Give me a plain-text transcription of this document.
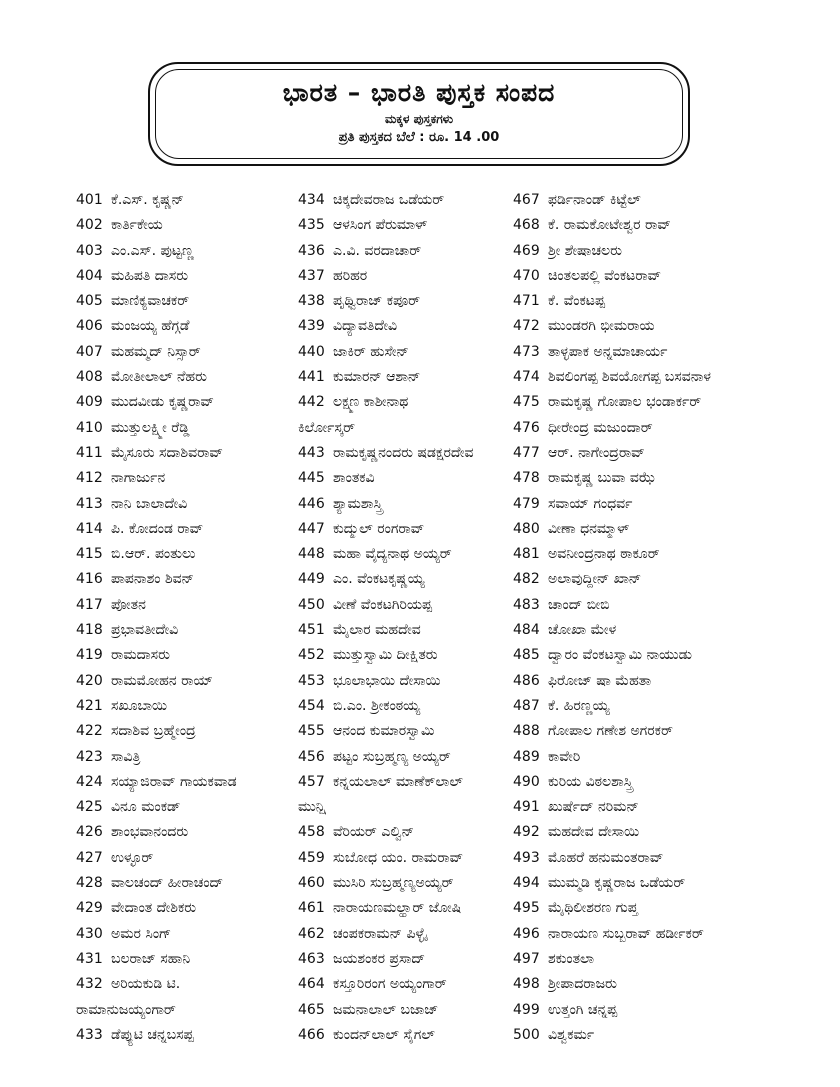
ಭಾರತ – ಭಾರತಿ ಪುಸ್ತಕ ಸಂಪದ
ಮಕ್ಕಳ ಪುಸ್ತಕಗಳು
ಪ್ರತಿ ಪುಸ್ತಕದ ಬೆಲೆ : ರೂ. 14 .00
401 ಕೆ.ಎಸ್. ಕೃಷ್ಣನ್
402 ಕಾರ್ತಿಕೇಯ
403 ಎಂ.ಎಸ್. ಪುಟ್ಟಣ್ಣ
404 ಮಹಿಪತಿ ದಾಸರು
405 ಮಾಣಿಕ್ಯವಾಚಕರ್
406 ಮಂಜಯ್ಯ ಹೆಗ್ಗಡೆ
407 ಮಹಮ್ಮದ್ ನಿಸ್ಸಾರ್
408 ಮೋತೀಲಾಲ್ ನೆಹರು
409 ಮುದವೀಡು ಕೃಷ್ಣರಾವ್
410 ಮುತ್ತುಲಕ್ಷ್ಮೀ ರೆಡ್ಡಿ
411 ಮೈಸೂರು ಸದಾಶಿವರಾವ್
412 ನಾಗಾರ್ಜುನ
413 ನಾನಿ ಬಾಲಾದೇವಿ
414 ಪಿ. ಕೋದಂಡ ರಾವ್
415 ಬಿ.ಆರ್. ಪಂತುಲು
416 ಪಾಪನಾಶಂ ಶಿವನ್
417 ಪೋತನ
418 ಪ್ರಭಾವತೀದೇವಿ
419 ರಾಮದಾಸರು
420 ರಾಮಮೋಹನ ರಾಯ್
421 ಸಖೂಬಾಯಿ
422 ಸದಾಶಿವ ಬ್ರಹ್ಮೇಂದ್ರ
423 ಸಾವಿತ್ರಿ
424 ಸಯ್ಯಾಜಿರಾವ್ ಗಾಯಕವಾಡ
425 ವಿನೂ ಮಂಕಡ್
426 ಶಾಂಭವಾನಂದರು
427 ಉಳ್ಳೂರ್
428 ವಾಲಚಂದ್ ಹೀರಾಚಂದ್
429 ವೇದಾಂತ ದೇಶಿಕರು
430 ಅಮರ ಸಿಂಗ್
431 ಬಲರಾಜ್ ಸಹಾನಿ
432 ಅರಿಯಕುಡಿ ಟಿ.
ರಾಮಾನುಜಯ್ಯಂಗಾರ್
433 ಡೆಪ್ಯುಟಿ ಚನ್ನಬಸಪ್ಪ
434 ಚಿಕ್ಕದೇವರಾಜ ಒಡೆಯರ್
435 ಆಳಸಿಂಗ ಪೆರುಮಾಳ್
436 ಎ.ವಿ. ವರದಾಚಾರ್
437 ಹರಿಹರ
438 ಪೃಥ್ವಿರಾಜ್ ಕಪೂರ್
439 ವಿದ್ಯಾವತಿದೇವಿ
440 ಜಾಕಿರ್ ಹುಸೇನ್
441 ಕುಮಾರನ್ ಆಶಾನ್
442 ಲಕ್ಷ್ಮಣ ಕಾಶೀನಾಥ
ಕಿರ್ಲೋಸ್ಕರ್
443 ರಾಮಕೃಷ್ಣನಂದರು ಷಡಕ್ಷರದೇವ
445 ಶಾಂತಕವಿ
446 ಶ್ಯಾಮಶಾಸ್ತ್ರಿ
447 ಕುದ್ಮುಲ್ ರಂಗರಾವ್
448 ಮಹಾ ವೈದ್ಯನಾಥ ಅಯ್ಯರ್
449 ಎಂ. ವೆಂಕಟಕೃಷ್ಣಯ್ಯ
450 ವೀಣೆ ವೆಂಕಟಗಿರಿಯಪ್ಪ
451 ಮೈಲಾರ ಮಹದೇವ
452 ಮುತ್ತುಸ್ವಾಮಿ ದೀಕ್ಷಿತರು
453 ಭೂಲಾಭಾಯಿ ದೇಸಾಯಿ
454 ಬಿ.ಎಂ. ಶ್ರೀಕಂಠಯ್ಯ
455 ಆನಂದ ಕುಮಾರಸ್ವಾಮಿ
456 ಪಟ್ಟಂ ಸುಬ್ರಹ್ಮಣ್ಯ ಅಯ್ಯರ್
457 ಕನ್ನಯಲಾಲ್ ಮಾಣೆಕ್‌ಲಾಲ್
ಮುನ್ಷಿ
458 ವೆರಿಯರ್ ಎಲ್ವಿನ್
459 ಸುಬೋಧ ಯಂ. ರಾಮರಾವ್
460 ಮುಸಿರಿ ಸುಬ್ರಹ್ಮಣ್ಯಅಯ್ಯರ್
461 ನಾರಾಯಣಮಲ್ಹಾರ್ ಜೋಷಿ
462 ಚಂಪಕರಾಮನ್ ಪಿಳ್ಳೈ
463 ಜಯಶಂಕರ ಪ್ರಸಾದ್
464 ಕಸ್ತೂರಿರಂಗ ಅಯ್ಯಂಗಾರ್
465 ಜಮನಾಲಾಲ್ ಬಜಾಜ್
466 ಕುಂದನ್‌ಲಾಲ್ ಸೈಗಲ್
467 ಫರ್ಡಿನಾಂಡ್ ಕಿಟ್ಟೆಲ್
468 ಕೆ. ರಾಮಕೋಟೇಶ್ವರ ರಾವ್
469 ಶ್ರೀ ಶೇಷಾಚಲರು
470 ಚಿಂತಲಪಲ್ಲಿ ವೆಂಕಟರಾವ್
471 ಕೆ. ವೆಂಕಟಪ್ಪ
472 ಮುಂಡರಗಿ ಭೀಮರಾಯ
473 ತಾಳ್ಳಪಾಕ ಅನ್ನಮಾಚಾರ್ಯ
474 ಶಿವಲಿಂಗಪ್ಪ ಶಿವಯೋಗಪ್ಪ ಬಸವನಾಳ
475 ರಾಮಕೃಷ್ಣ ಗೋಪಾಲ ಭಂಡಾರ್ಕರ್
476 ಧೀರೇಂದ್ರ ಮಜುಂದಾರ್
477 ಆರ್. ನಾಗೇಂದ್ರರಾವ್
478 ರಾಮಕೃಷ್ಣ ಬುವಾ ವಝೆ
479 ಸವಾಯ್ ಗಂಧರ್ವ
480 ವೀಣಾ ಧನಮ್ಮಾಳ್
481 ಅವನೀಂದ್ರನಾಥ ಠಾಕೂರ್
482 ಅಲಾವುದ್ದೀನ್ ಖಾನ್
483 ಚಾಂದ್ ಬೀಬಿ
484 ಚೋಖಾ ಮೇಳ
485 ದ್ವಾರಂ ವೆಂಕಟಸ್ವಾಮಿ ನಾಯುಡು
486 ಫಿರೋಜ್ ಷಾ ಮೆಹತಾ
487 ಕೆ. ಹಿರಣ್ಣಯ್ಯ
488 ಗೋಪಾಲ ಗಣೇಶ ಅಗರಕರ್
489 ಕಾವೇರಿ
490 ಕುರಿಯ ವಿಠಲಶಾಸ್ತ್ರಿ
491 ಖುರ್ಷೆದ್ ನರಿಮನ್
492 ಮಹದೇವ ದೇಸಾಯಿ
493 ಮೊಹರೆ ಹನುಮಂತರಾವ್
494 ಮುಮ್ಮಡಿ ಕೃಷ್ಣರಾಜ ಒಡೆಯರ್
495 ಮೈಥಿಲೀಶರಣ ಗುಪ್ತ
496 ನಾರಾಯಣ ಸುಬ್ಬರಾವ್ ಹರ್ಡೀಕರ್
497 ಶಕುಂತಲಾ
498 ಶ್ರೀಪಾದರಾಜರು
499 ಉತ್ತಂಗಿ ಚನ್ನಪ್ಪ
500 ವಿಶ್ವಕರ್ಮ
